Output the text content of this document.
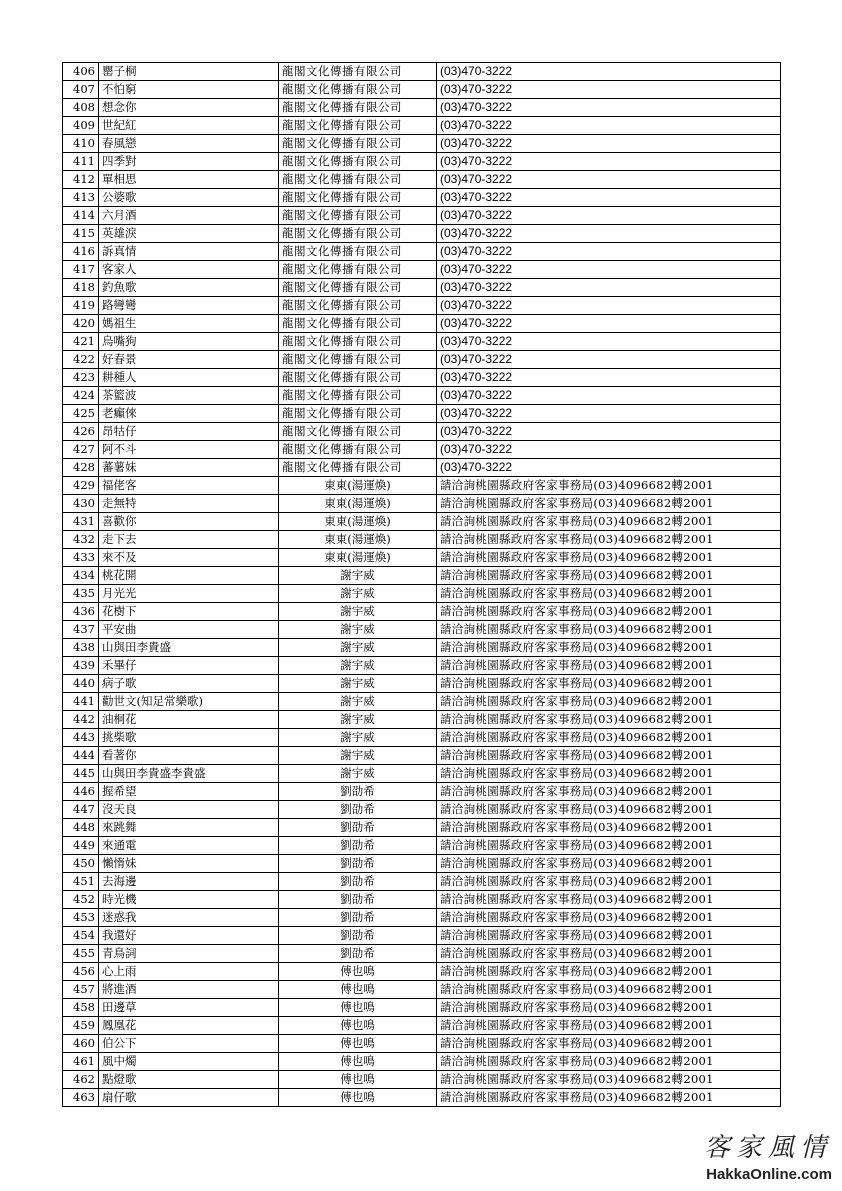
406	罌子桐	龍閣文化傳播有限公司	(03)470-3222
407	不怕窮	龍閣文化傳播有限公司	(03)470-3222
408	想念你	龍閣文化傳播有限公司	(03)470-3222
409	世紀紅	龍閣文化傳播有限公司	(03)470-3222
410	春風戀	龍閣文化傳播有限公司	(03)470-3222
411	四季對	龍閣文化傳播有限公司	(03)470-3222
412	單相思	龍閣文化傳播有限公司	(03)470-3222
413	公婆歌	龍閣文化傳播有限公司	(03)470-3222
414	六月酒	龍閣文化傳播有限公司	(03)470-3222
415	英雄淚	龍閣文化傳播有限公司	(03)470-3222
416	訴真情	龍閣文化傳播有限公司	(03)470-3222
417	客家人	龍閣文化傳播有限公司	(03)470-3222
418	釣魚歌	龍閣文化傳播有限公司	(03)470-3222
419	路彎彎	龍閣文化傳播有限公司	(03)470-3222
420	媽祖生	龍閣文化傳播有限公司	(03)470-3222
421	烏嘴狗	龍閣文化傳播有限公司	(03)470-3222
422	好春景	龍閣文化傳播有限公司	(03)470-3222
423	耕種人	龍閣文化傳播有限公司	(03)470-3222
424	茶籃波	龍閣文化傳播有限公司	(03)470-3222
425	老癲倈	龍閣文化傳播有限公司	(03)470-3222
426	昂牯仔	龍閣文化傳播有限公司	(03)470-3222
427	阿不斗	龍閣文化傳播有限公司	(03)470-3222
428	蕃薯妹	龍閣文化傳播有限公司	(03)470-3222
429	福佬客	東東(湯運煥)	請洽詢桃園縣政府客家事務局(03)4096682轉2001
430	走無特	東東(湯運煥)	請洽詢桃園縣政府客家事務局(03)4096682轉2001
431	喜歡你	東東(湯運煥)	請洽詢桃園縣政府客家事務局(03)4096682轉2001
432	走下去	東東(湯運煥)	請洽詢桃園縣政府客家事務局(03)4096682轉2001
433	來不及	東東(湯運煥)	請洽詢桃園縣政府客家事務局(03)4096682轉2001
434	桃花開	謝宇威	請洽詢桃園縣政府客家事務局(03)4096682轉2001
435	月光光	謝宇威	請洽詢桃園縣政府客家事務局(03)4096682轉2001
436	花樹下	謝宇威	請洽詢桃園縣政府客家事務局(03)4096682轉2001
437	平安曲	謝宇威	請洽詢桃園縣政府客家事務局(03)4096682轉2001
438	山與田李貴盛	謝宇威	請洽詢桃園縣政府客家事務局(03)4096682轉2001
439	禾畢仔	謝宇威	請洽詢桃園縣政府客家事務局(03)4096682轉2001
440	病子歌	謝宇威	請洽詢桃園縣政府客家事務局(03)4096682轉2001
441	勸世文(知足常樂歌)	謝宇威	請洽詢桃園縣政府客家事務局(03)4096682轉2001
442	油桐花	謝宇威	請洽詢桃園縣政府客家事務局(03)4096682轉2001
443	挑柴歌	謝宇威	請洽詢桃園縣政府客家事務局(03)4096682轉2001
444	看著你	謝宇威	請洽詢桃園縣政府客家事務局(03)4096682轉2001
445	山與田李貴盛李貴盛	謝宇威	請洽詢桃園縣政府客家事務局(03)4096682轉2001
446	握希望	劉劭希	請洽詢桃園縣政府客家事務局(03)4096682轉2001
447	沒天良	劉劭希	請洽詢桃園縣政府客家事務局(03)4096682轉2001
448	來跳舞	劉劭希	請洽詢桃園縣政府客家事務局(03)4096682轉2001
449	來通電	劉劭希	請洽詢桃園縣政府客家事務局(03)4096682轉2001
450	懶惰妹	劉劭希	請洽詢桃園縣政府客家事務局(03)4096682轉2001
451	去海邊	劉劭希	請洽詢桃園縣政府客家事務局(03)4096682轉2001
452	時光機	劉劭希	請洽詢桃園縣政府客家事務局(03)4096682轉2001
453	迷惑我	劉劭希	請洽詢桃園縣政府客家事務局(03)4096682轉2001
454	我還好	劉劭希	請洽詢桃園縣政府客家事務局(03)4096682轉2001
455	青鳥詞	劉劭希	請洽詢桃園縣政府客家事務局(03)4096682轉2001
456	心上雨	傅也鳴	請洽詢桃園縣政府客家事務局(03)4096682轉2001
457	將進酒	傅也鳴	請洽詢桃園縣政府客家事務局(03)4096682轉2001
458	田邊草	傅也鳴	請洽詢桃園縣政府客家事務局(03)4096682轉2001
459	鳳凰花	傅也鳴	請洽詢桃園縣政府客家事務局(03)4096682轉2001
460	伯公下	傅也鳴	請洽詢桃園縣政府客家事務局(03)4096682轉2001
461	風中燭	傅也鳴	請洽詢桃園縣政府客家事務局(03)4096682轉2001
462	點燈歌	傅也鳴	請洽詢桃園縣政府客家事務局(03)4096682轉2001
463	扇仔歌	傅也鳴	請洽詢桃園縣政府客家事務局(03)4096682轉2001
客家風情
HakkaOnline.com
